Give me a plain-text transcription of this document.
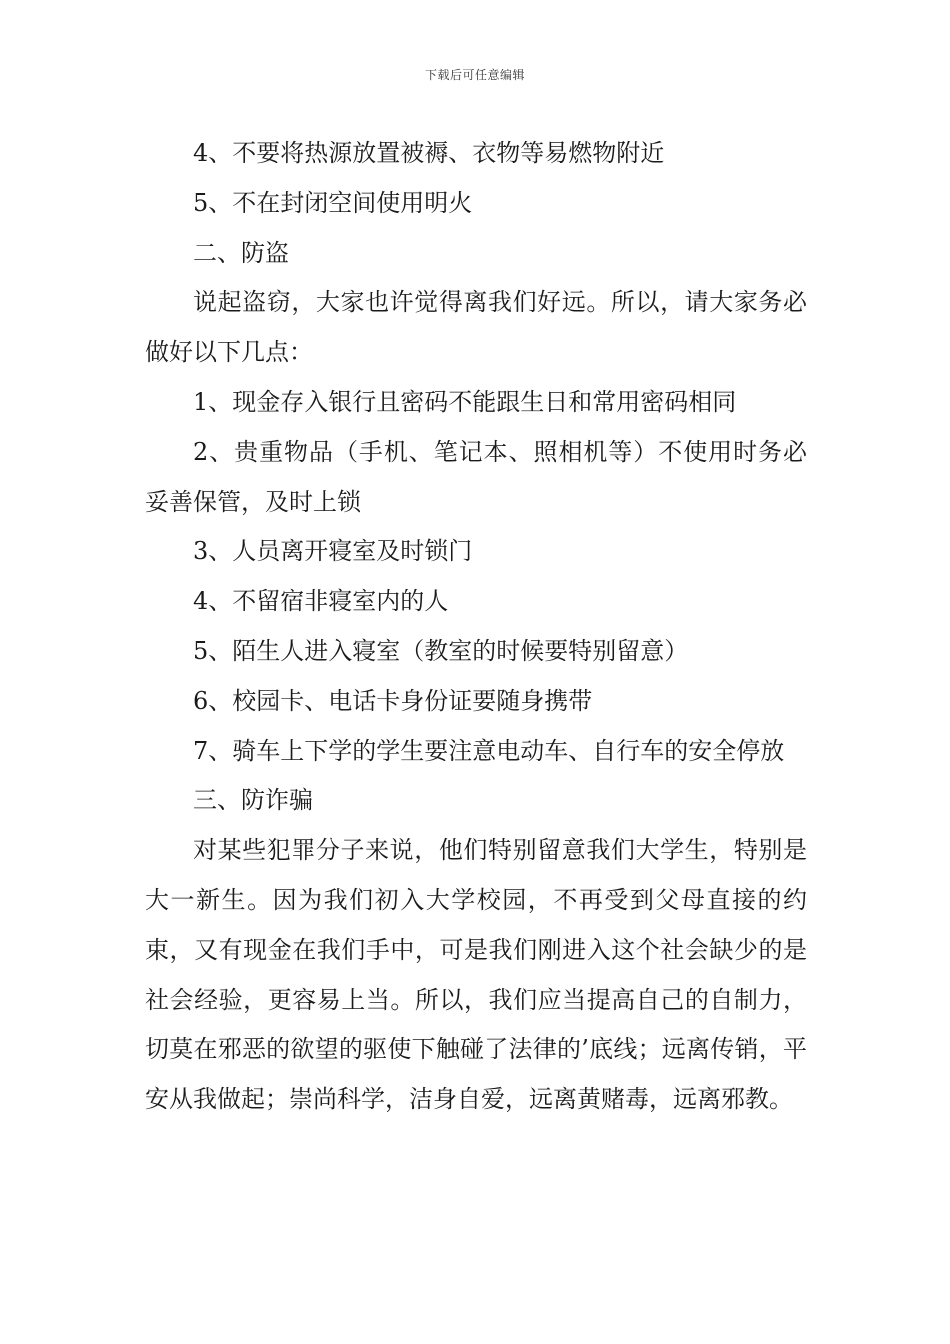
下载后可任意编辑

4、不要将热源放置被褥、衣物等易燃物附近

5、不在封闭空间使用明火

二、防盗

说起盗窃，大家也许觉得离我们好远。所以，请大家务必做好以下几点：

1、现金存入银行且密码不能跟生日和常用密码相同

2、贵重物品（手机、笔记本、照相机等）不使用时务必妥善保管，及时上锁

3、人员离开寝室及时锁门

4、不留宿非寝室内的人

5、陌生人进入寝室（教室的时候要特别留意）

6、校园卡、电话卡身份证要随身携带

7、骑车上下学的学生要注意电动车、自行车的安全停放

三、防诈骗

对某些犯罪分子来说，他们特别留意我们大学生，特别是大一新生。因为我们初入大学校园，不再受到父母直接的约束，又有现金在我们手中，可是我们刚进入这个社会缺少的是社会经验，更容易上当。所以，我们应当提高自己的自制力，切莫在邪恶的欲望的驱使下触碰了法律的’底线；远离传销，平安从我做起；崇尚科学，洁身自爱，远离黄赌毒，远离邪教。
